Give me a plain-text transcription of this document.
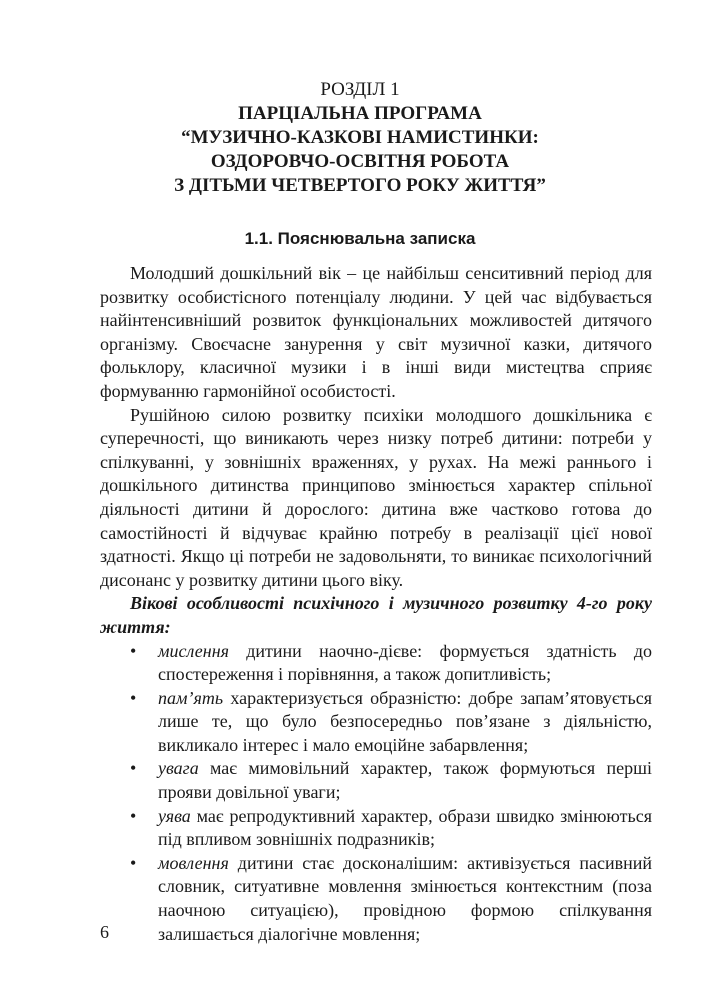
РОЗДІЛ 1
ПАРЦІАЛЬНА ПРОГРАМА
“МУЗИЧНО-КАЗКОВІ НАМИСТИНКИ:
ОЗДОРОВЧО-ОСВІТНЯ РОБОТА
З ДІТЬМИ ЧЕТВЕРТОГО РОКУ ЖИТТЯ”
1.1. Пояснювальна записка

Молодший дошкільний вік – це найбільш сенситивний період для розвитку особистісного потенціалу людини. У цей час відбувається найінтенсивніший розвиток функціональних можливостей дитячого організму. Своєчасне занурення у світ музичної казки, дитячого фольклору, класичної музики і в інші види мистецтва сприяє формуванню гармонійної особистості.

Рушійною силою розвитку психіки молодшого дошкільника є суперечності, що виникають через низку потреб дитини: потреби у спілкуванні, у зовнішніх враженнях, у рухах. На межі раннього і дошкільного дитинства принципово змінюється характер спільної діяльності дитини й дорослого: дитина вже частково готова до самостійності й відчуває крайню потребу в реалізації цієї нової здатності. Якщо ці потреби не задовольняти, то виникає психологічний дисонанс у розвитку дитини цього віку.

Вікові особливості психічного і музичного розвитку 4-го року життя:

• мислення дитини наочно-дієве: формується здатність до спостереження і порівняння, а також допитливість;
• пам’ять характеризується образністю: добре запам’ятовується лише те, що було безпосередньо пов’язане з діяльністю, викликало інтерес і мало емоційне забарвлення;
• увага має мимовільний характер, також формуються перші прояви довільної уваги;
• уява має репродуктивний характер, образи швидко змінюються під впливом зовнішніх подразників;
• мовлення дитини стає досконалішим: активізується пасивний словник, ситуативне мовлення змінюється контекстним (поза наочною ситуацією), провідною формою спілкування залишається діалогічне мовлення;
6
